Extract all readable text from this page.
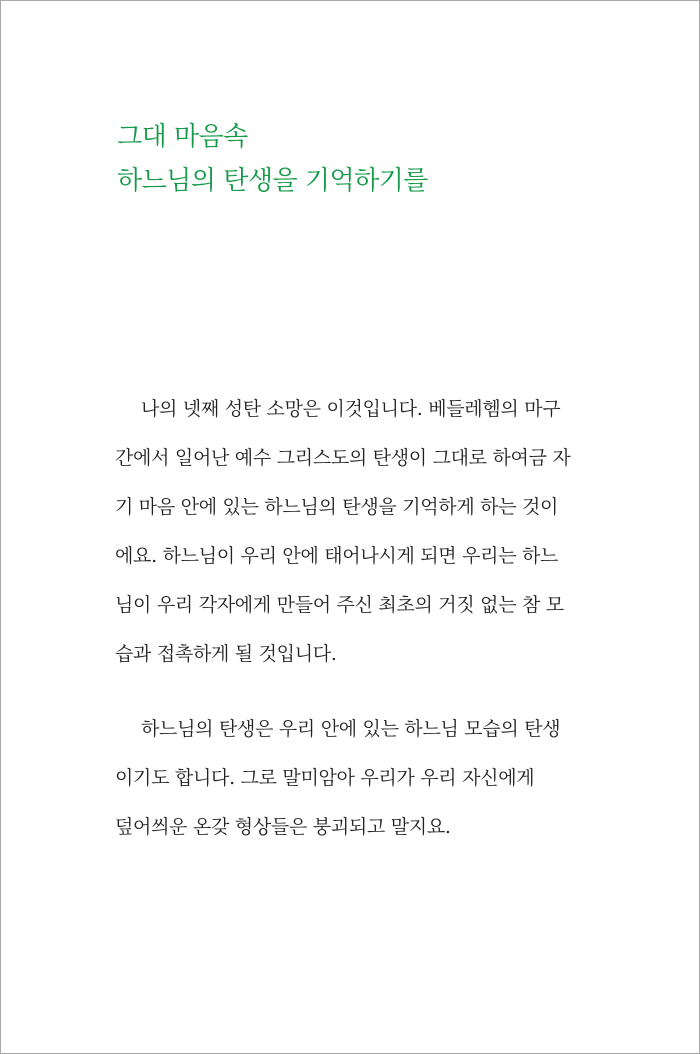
그대 마음속
하느님의 탄생을 기억하기를

나의 넷째 성탄 소망은 이것입니다. 베들레헴의 마구
간에서 일어난 예수 그리스도의 탄생이 그대로 하여금 자
기 마음 안에 있는 하느님의 탄생을 기억하게 하는 것이
에요. 하느님이 우리 안에 태어나시게 되면 우리는 하느
님이 우리 각자에게 만들어 주신 최초의 거짓 없는 참 모
습과 접촉하게 될 것입니다.

하느님의 탄생은 우리 안에 있는 하느님 모습의 탄생
이기도 합니다. 그로 말미암아 우리가 우리 자신에게
덮어씌운 온갖 형상들은 붕괴되고 말지요.
